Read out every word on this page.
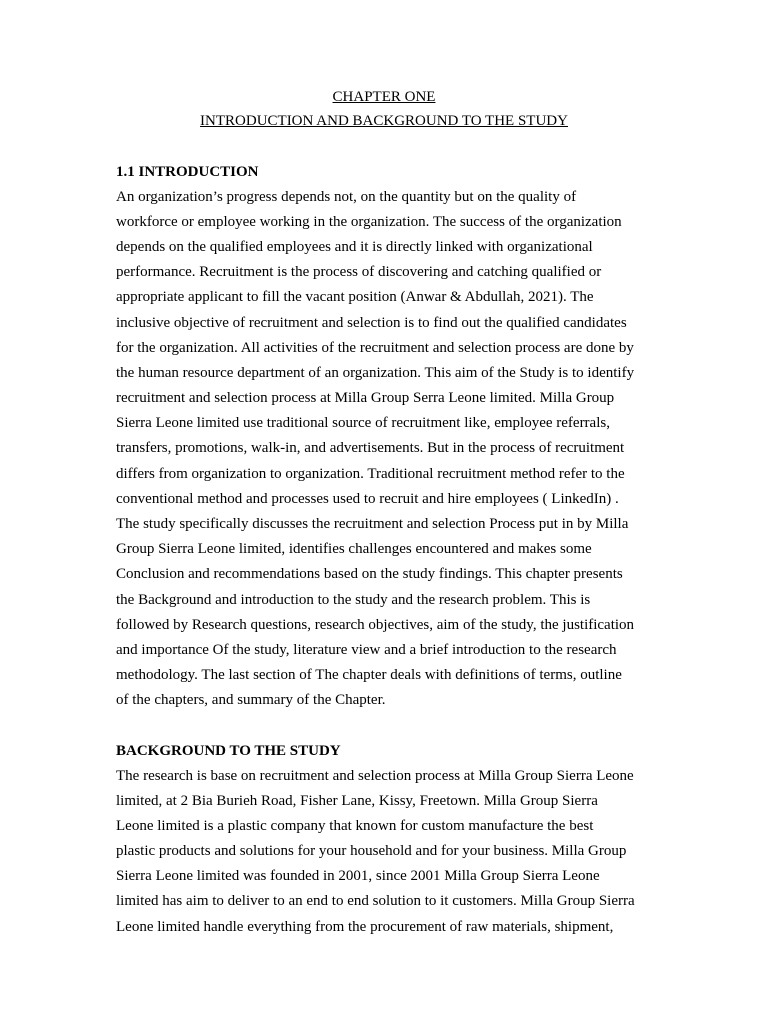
CHAPTER ONE
INTRODUCTION AND BACKGROUND TO THE STUDY
1.1 INTRODUCTION
An organization’s progress depends not, on the quantity but on the quality of
workforce or employee working in the organization. The success of the organization
depends on the qualified employees and it is directly linked with organizational
performance. Recruitment is the process of discovering and catching qualified or
appropriate applicant to fill the vacant position (Anwar & Abdullah, 2021). The
inclusive objective of recruitment and selection is to find out the qualified candidates
for the organization. All activities of the recruitment and selection process are done by
the human resource department of an organization. This aim of the Study is to identify
recruitment and selection process at Milla Group Serra Leone limited. Milla Group
Sierra Leone limited use traditional source of recruitment like, employee referrals,
transfers, promotions, walk-in, and advertisements. But in the process of recruitment
differs from organization to organization. Traditional recruitment method refer to the
conventional method and processes used to recruit and hire employees ( LinkedIn) .
The study specifically discusses the recruitment and selection Process put in by Milla
Group Sierra Leone limited, identifies challenges encountered and makes some
Conclusion and recommendations based on the study findings. This chapter presents
the Background and introduction to the study and the research problem. This is
followed by Research questions, research objectives, aim of the study, the justification
and importance Of the study, literature view and a brief introduction to the research
methodology. The last section of The chapter deals with definitions of terms, outline
of the chapters, and summary of the Chapter.
BACKGROUND TO THE STUDY
The research is base on recruitment and selection process at Milla Group Sierra Leone
limited, at 2 Bia Burieh Road, Fisher Lane, Kissy, Freetown. Milla Group Sierra
Leone limited is a plastic company that known for custom manufacture the best
plastic products and solutions for your household and for your business. Milla Group
Sierra Leone limited was founded in 2001, since 2001 Milla Group Sierra Leone
limited has aim to deliver to an end to end solution to it customers. Milla Group Sierra
Leone limited handle everything from the procurement of raw materials, shipment,
